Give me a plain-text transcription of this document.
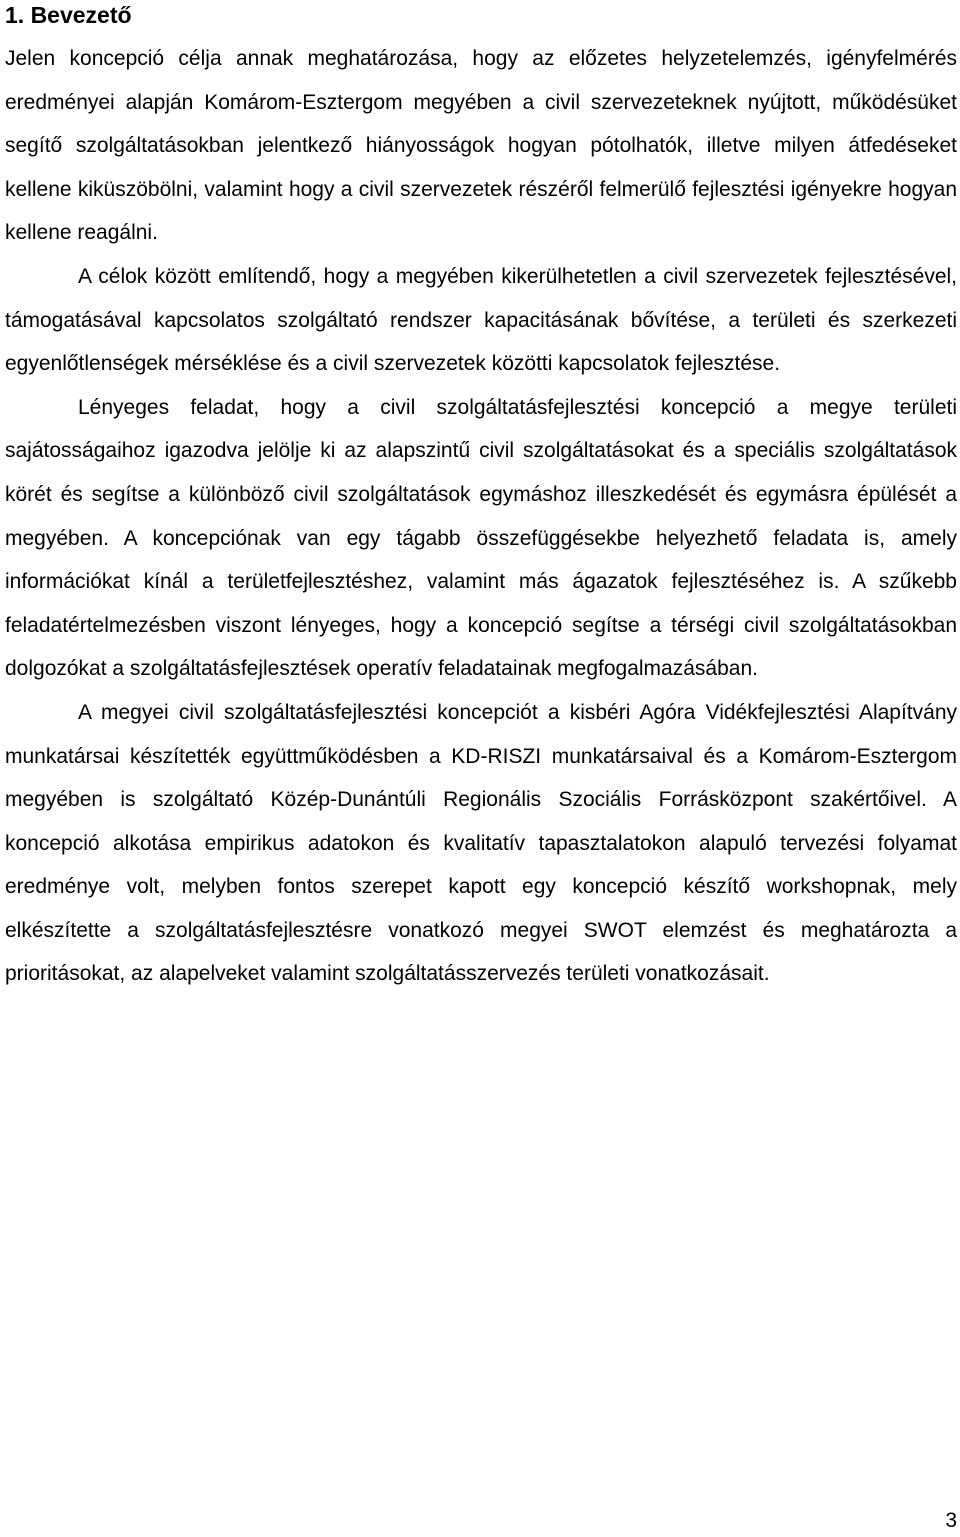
1. Bevezető

Jelen koncepció célja annak meghatározása, hogy az előzetes helyzetelemzés, igényfelmérés eredményei alapján Komárom-Esztergom megyében a civil szervezeteknek nyújtott, működésüket segítő szolgáltatásokban jelentkező hiányosságok hogyan pótolhatók, illetve milyen átfedéseket kellene kiküszöbölni, valamint hogy a civil szervezetek részéről felmerülő fejlesztési igényekre hogyan kellene reagálni.

A célok között említendő, hogy a megyében kikerülhetetlen a civil szervezetek fejlesztésével, támogatásával kapcsolatos szolgáltató rendszer kapacitásának bővítése, a területi és szerkezeti egyenlőtlenségek mérséklése és a civil szervezetek közötti kapcsolatok fejlesztése.

Lényeges feladat, hogy a civil szolgáltatásfejlesztési koncepció a megye területi sajátosságaihoz igazodva jelölje ki az alapszintű civil szolgáltatásokat és a speciális szolgáltatások körét és segítse a különböző civil szolgáltatások egymáshoz illeszkedését és egymásra épülését a megyében. A koncepciónak van egy tágabb összefüggésekbe helyezhető feladata is, amely információkat kínál a területfejlesztéshez, valamint más ágazatok fejlesztéséhez is. A szűkebb feladatértelmezésben viszont lényeges, hogy a koncepció segítse a térségi civil szolgáltatásokban dolgozókat a szolgáltatásfejlesztések operatív feladatainak megfogalmazásában.

A megyei civil szolgáltatásfejlesztési koncepciót a kisbéri Agóra Vidékfejlesztési Alapítvány munkatársai készítették együttműködésben a KD-RISZI munkatársaival és a Komárom-Esztergom megyében is szolgáltató Közép-Dunántúli Regionális Szociális Forrásközpont szakértőivel. A koncepció alkotása empirikus adatokon és kvalitatív tapasztalatokon alapuló tervezési folyamat eredménye volt, melyben fontos szerepet kapott egy koncepció készítő workshopnak, mely elkészítette a szolgáltatásfejlesztésre vonatkozó megyei SWOT elemzést és meghatározta a prioritásokat, az alapelveket valamint szolgáltatásszervezés területi vonatkozásait.

3
